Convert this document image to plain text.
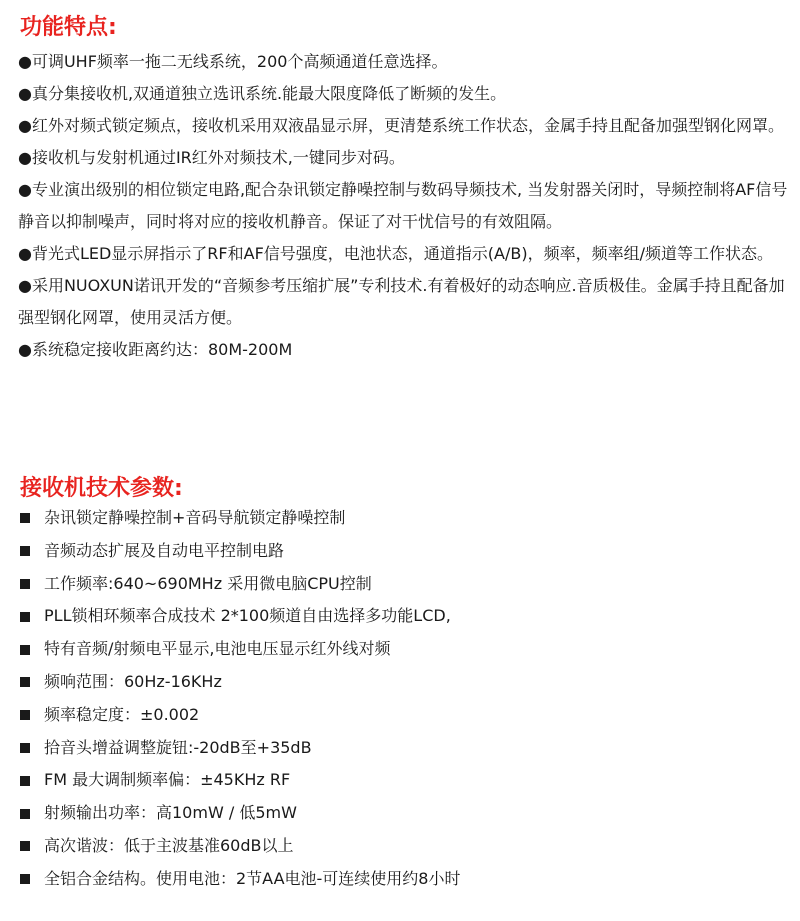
功能特点:
●可调UHF频率一拖二无线系统，200个高频通道任意选择。
●真分集接收机,双通道独立选讯系统.能最大限度降低了断频的发生。
●红外对频式锁定频点，接收机采用双液晶显示屏，更清楚系统工作状态，金属手持且配备加强型钢化网罩。
●接收机与发射机通过IR红外对频技术,一键同步对码。
●专业演出级别的相位锁定电路,配合杂讯锁定静噪控制与数码导频技术, 当发射器关闭时，导频控制将AF信号静音以抑制噪声，同时将对应的接收机静音。保证了对干忧信号的有效阻隔。
●背光式LED显示屏指示了RF和AF信号强度，电池状态，通道指示(A/B)，频率，频率组/频道等工作状态。
●采用NUOXUN诺讯开发的“音频参考压缩扩展”专利技术.有着极好的动态响应.音质极佳。金属手持且配备加强型钢化网罩，使用灵活方便。
●系统稳定接收距离约达：80M-200M
接收机技术参数:
杂讯锁定静噪控制+音码导航锁定静噪控制
音频动态扩展及自动电平控制电路
工作频率:640~690MHz 采用微电脑CPU控制
PLL锁相环频率合成技术 2*100频道自由选择多功能LCD,
特有音频/射频电平显示,电池电压显示红外线对频
频响范围：60Hz-16KHz
频率稳定度：±0.002
拾音头增益调整旋钮:-20dB至+35dB
FM 最大调制频率偏：±45KHz RF
射频输出功率：高10mW / 低5mW
高次谐波：低于主波基准60dB以上
全铝合金结构。使用电池：2节AA电池-可连续使用约8小时
